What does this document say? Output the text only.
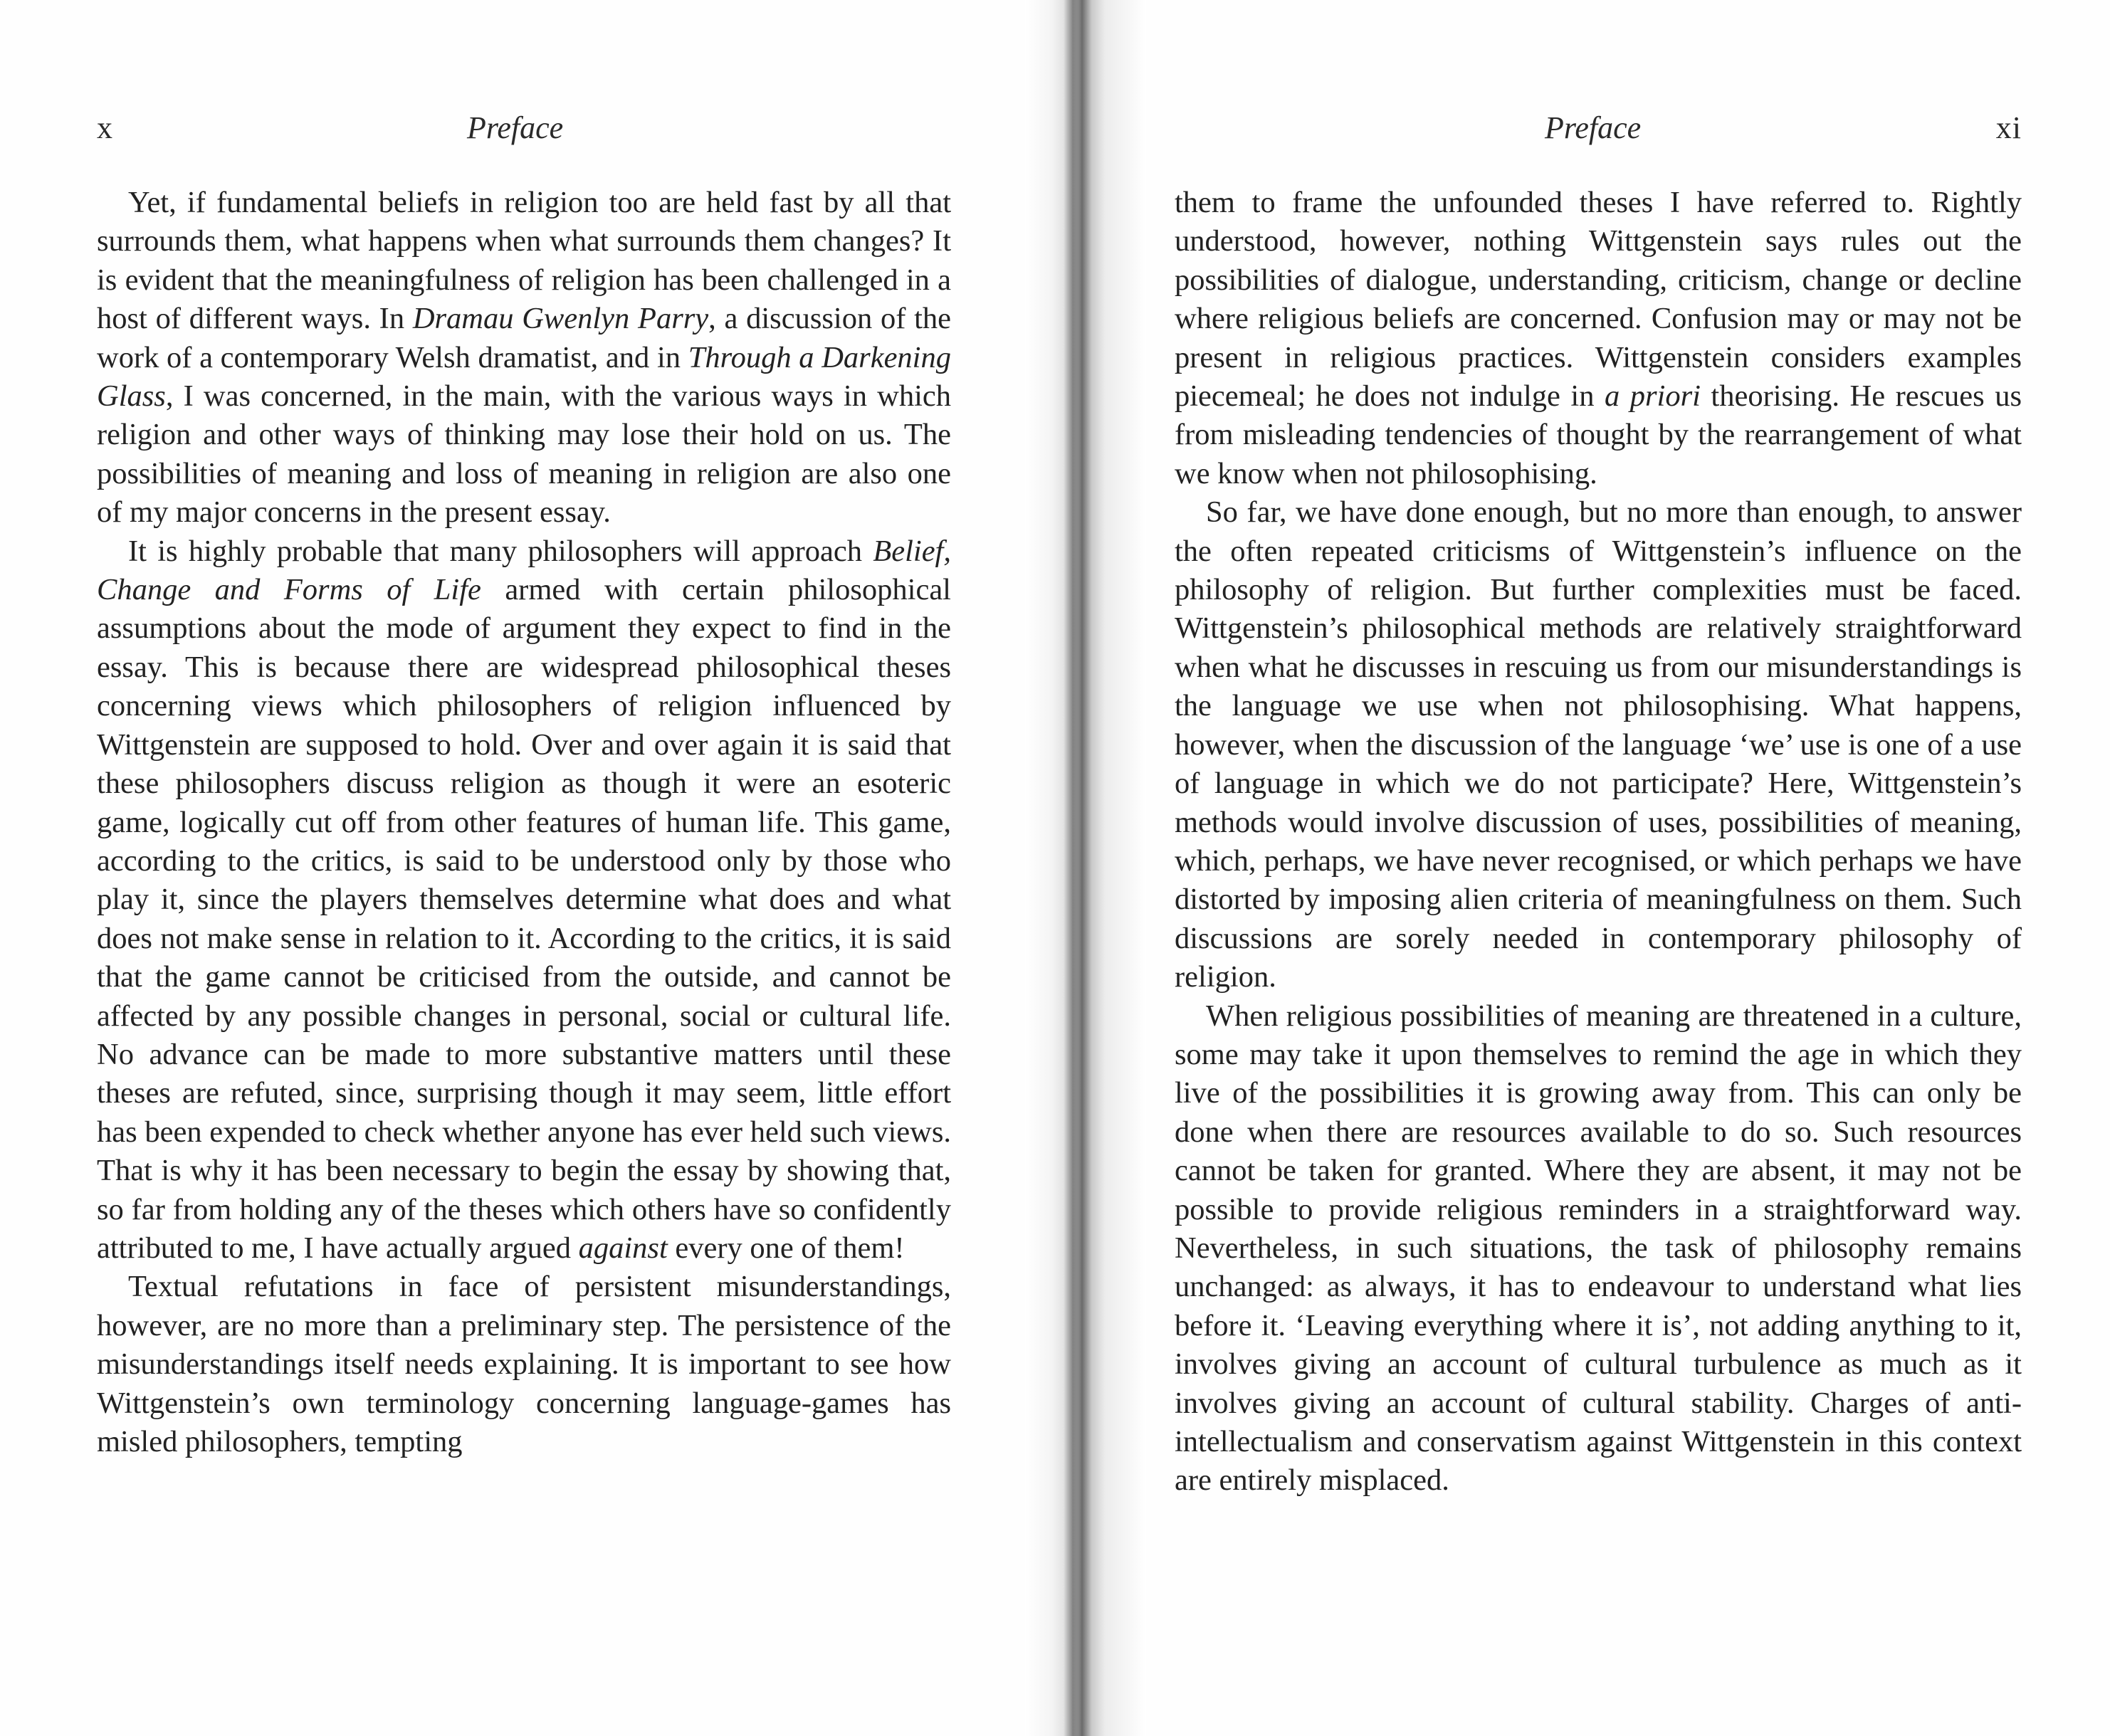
x	Preface

Yet, if fundamental beliefs in religion too are held fast by all that surrounds them, what happens when what surrounds them changes? It is evident that the meaningfulness of religion has been challenged in a host of different ways. In Dramau Gwenlyn Parry, a discussion of the work of a contemporary Welsh dramatist, and in Through a Darkening Glass, I was concerned, in the main, with the various ways in which religion and other ways of thinking may lose their hold on us. The possibilities of meaning and loss of meaning in religion are also one of my major concerns in the present essay.

It is highly probable that many philosophers will approach Belief, Change and Forms of Life armed with certain philosophical assumptions about the mode of argument they expect to find in the essay. This is because there are widespread philosophical theses concerning views which philosophers of religion influenced by Wittgenstein are supposed to hold. Over and over again it is said that these philosophers discuss religion as though it were an esoteric game, logically cut off from other features of human life. This game, according to the critics, is said to be understood only by those who play it, since the players themselves determine what does and what does not make sense in relation to it. According to the critics, it is said that the game cannot be criticised from the outside, and cannot be affected by any possible changes in personal, social or cultural life. No advance can be made to more substantive matters until these theses are refuted, since, surprising though it may seem, little effort has been expended to check whether anyone has ever held such views. That is why it has been necessary to begin the essay by showing that, so far from holding any of the theses which others have so confidently attributed to me, I have actually argued against every one of them!

Textual refutations in face of persistent misunderstandings, however, are no more than a preliminary step. The persistence of the misunderstandings itself needs explaining. It is important to see how Wittgenstein’s own terminology concerning language-games has misled philosophers, tempting

Preface	xi

them to frame the unfounded theses I have referred to. Rightly understood, however, nothing Wittgenstein says rules out the possibilities of dialogue, understanding, criticism, change or decline where religious beliefs are concerned. Confusion may or may not be present in religious practices. Wittgenstein considers examples piecemeal; he does not indulge in a priori theorising. He rescues us from misleading tendencies of thought by the rearrangement of what we know when not philosophising.

So far, we have done enough, but no more than enough, to answer the often repeated criticisms of Wittgenstein’s influence on the philosophy of religion. But further complexities must be faced. Wittgenstein’s philosophical methods are relatively straightforward when what he discusses in rescuing us from our misunderstandings is the language we use when not philosophising. What happens, however, when the discussion of the language ‘we’ use is one of a use of language in which we do not participate? Here, Wittgenstein’s methods would involve discussion of uses, possibilities of meaning, which, perhaps, we have never recognised, or which perhaps we have distorted by imposing alien criteria of meaningfulness on them. Such discussions are sorely needed in contemporary philosophy of religion.

When religious possibilities of meaning are threatened in a culture, some may take it upon themselves to remind the age in which they live of the possibilities it is growing away from. This can only be done when there are resources available to do so. Such resources cannot be taken for granted. Where they are absent, it may not be possible to provide religious reminders in a straightforward way. Nevertheless, in such situations, the task of philosophy remains unchanged: as always, it has to endeavour to understand what lies before it. ‘Leaving everything where it is’, not adding anything to it, involves giving an account of cultural turbulence as much as it involves giving an account of cultural stability. Charges of anti-intellectualism and conservatism against Wittgenstein in this context are entirely misplaced.
